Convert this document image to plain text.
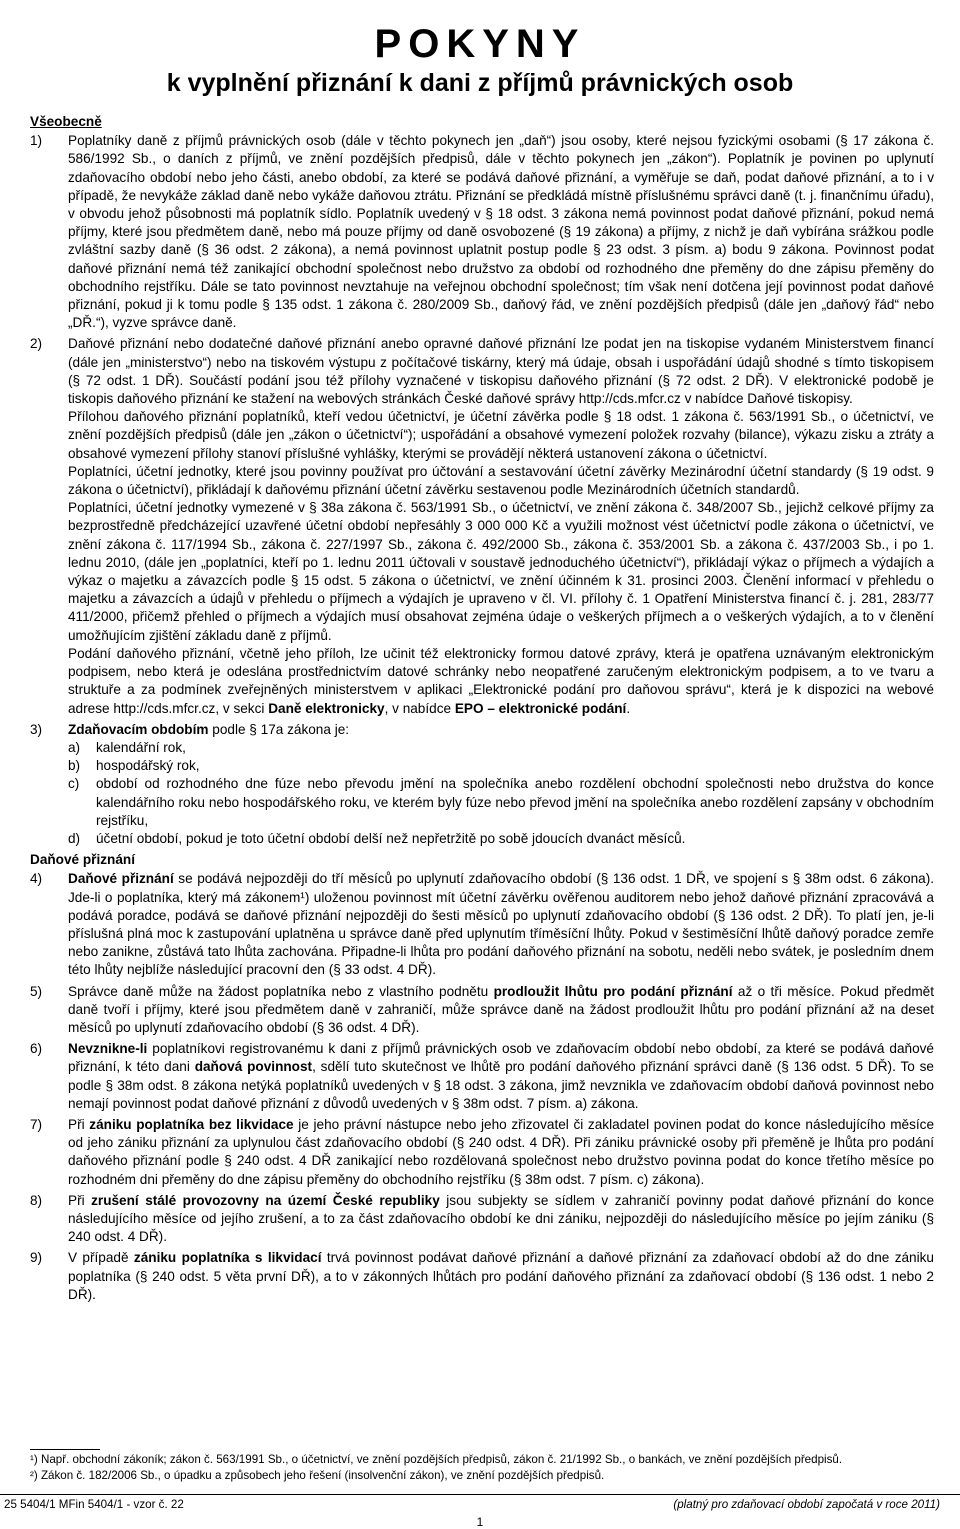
POKYNY
k vyplnění přiznání k dani z příjmů právnických osob
Všeobecně
1)	Poplatníky daně z příjmů právnických osob (dále v těchto pokynech jen „daň“) jsou osoby, které nejsou fyzickými osobami (§ 17 zákona č. 586/1992 Sb., o daních z příjmů, ve znění pozdějších předpisů, dále v těchto pokynech jen „zákon“). Poplatník je povinen po uplynutí zdaňovacího období nebo jeho části, anebo období, za které se podává daňové přiznání, a vyměřuje se daň, podat daňové přiznání, a to i v případě, že nevykáže základ daně nebo vykáže daňovou ztrátu. Přiznání se předkládá místně příslušnému správci daně (t. j. finančnímu úřadu), v obvodu jehož působnosti má poplatník sídlo. Poplatník uvedený v § 18 odst. 3 zákona nemá povinnost podat daňové přiznání, pokud nemá příjmy, které jsou předmětem daně, nebo má pouze příjmy od daně osvobozené (§ 19 zákona) a příjmy, z nichž je daň vybírána srážkou podle zvláštní sazby daně (§ 36 odst. 2 zákona), a nemá povinnost uplatnit postup podle § 23 odst. 3 písm. a) bodu 9 zákona. Povinnost podat daňové přiznání nemá též zanikající obchodní společnost nebo družstvo za období od rozhodného dne přeměny do dne zápisu přeměny do obchodního rejstříku. Dále se tato povinnost nevztahuje na veřejnou obchodní společnost; tím však není dotčena její povinnost podat daňové přiznání, pokud ji k tomu podle § 135 odst. 1 zákona č. 280/2009 Sb., daňový řád, ve znění pozdějších předpisů (dále jen „daňový řád“ nebo „DŘ.“), vyzve správce daně.

2)	Daňové přiznání nebo dodatečné daňové přiznání anebo opravné daňové přiznání lze podat jen na tiskopise vydaném Ministerstvem financí (dále jen „ministerstvo“) nebo na tiskovém výstupu z počítačové tiskárny, který má údaje, obsah i uspořádání údajů shodné s tímto tiskopisem (§ 72 odst. 1 DŘ). Součástí podání jsou též přílohy vyznačené v tiskopisu daňového přiznání (§ 72 odst. 2 DŘ). V elektronické podobě je tiskopis daňového přiznání ke stažení na webových stránkách České daňové správy http://cds.mfcr.cz v nabídce Daňové tiskopisy.

Přílohou daňového přiznání poplatníků, kteří vedou účetnictví, je účetní závěrka podle § 18 odst. 1 zákona č. 563/1991 Sb., o účetnictví, ve znění pozdějších předpisů (dále jen „zákon o účetnictví“); uspořádání a obsahové vymezení položek rozvahy (bilance), výkazu zisku a ztráty a obsahové vymezení přílohy stanoví příslušné vyhlášky, kterými se provádějí některá ustanovení zákona o účetnictví.

Poplatníci, účetní jednotky, které jsou povinny používat pro účtování a sestavování účetní závěrky Mezinárodní účetní standardy (§ 19 odst. 9 zákona o účetnictví), přikládají k daňovému přiznání účetní závěrku sestavenou podle Mezinárodních účetních standardů.

Poplatníci, účetní jednotky vymezené v § 38a zákona č. 563/1991 Sb., o účetnictví, ve znění zákona č. 348/2007 Sb., jejichž celkové příjmy za bezprostředně předcházející uzavřené účetní období nepřesáhly 3 000 000 Kč a využili možnost vést účetnictví podle zákona o účetnictví, ve znění zákona č. 117/1994 Sb., zákona č. 227/1997 Sb., zákona č. 492/2000 Sb., zákona č. 353/2001 Sb. a zákona č. 437/2003 Sb., i po 1. lednu 2010, (dále jen „poplatníci, kteří po 1. lednu 2011 účtovali v soustavě jednoduchého účetnictví“), přikládají výkaz o příjmech a výdajích a výkaz o majetku a závazcích podle § 15 odst. 5 zákona o účetnictví, ve znění účinném k 31. prosinci 2003. Členění informací v přehledu o majetku a závazcích a údajů v přehledu o příjmech a výdajích je upraveno v čl. VI. přílohy č. 1 Opatření Ministerstva financí č. j. 281, 283/77 411/2000, přičemž přehled o příjmech a výdajích musí obsahovat zejména údaje o veškerých příjmech a o veškerých výdajích, a to v členění umožňujícím zjištění základu daně z příjmů.

Podání daňového přiznání, včetně jeho příloh, lze učinit též elektronicky formou datové zprávy, která je opatřena uznávaným elektronickým podpisem, nebo která je odeslána prostřednictvím datové schránky nebo neopatřené zaručeným elektronickým podpisem, a to ve tvaru a struktuře a za podmínek zveřejněných ministerstvem v aplikaci „Elektronické podání pro daňovou správu“, která je k dispozici na webové adrese http://cds.mfcr.cz, v sekci Daně elektronicky, v nabídce EPO – elektronické podání.

3)	Zdaňovacím obdobím podle § 17a zákona je:

a)	kalendářní rok,
b)	hospodářský rok,
c)	období od rozhodného dne fúze nebo převodu jmění na společníka anebo rozdělení obchodní společnosti nebo družstva do konce kalendářního roku nebo hospodářského roku, ve kterém byly fúze nebo převod jmění na společníka anebo rozdělení zapsány v obchodním rejstříku,
d)	účetní období, pokud je toto účetní období delší než nepřetržitě po sobě jdoucích dvanáct měsíců.
Daňové přiznání
4)	Daňové přiznání se podává nejpozději do tří měsíců po uplynutí zdaňovacího období (§ 136 odst. 1 DŘ, ve spojení s § 38m odst. 6 zákona). Jde-li o poplatníka, který má zákonem¹) uloženou povinnost mít účetní závěrku ověřenou auditorem nebo jehož daňové přiznání zpracovává a podává poradce, podává se daňové přiznání nejpozději do šesti měsíců po uplynutí zdaňovacího období (§ 136 odst. 2 DŘ). To platí jen, je-li příslušná plná moc k zastupování uplatněna u správce daně před uplynutím tříměsíční lhůty. Pokud v šestiměsíční lhůtě daňový poradce zemře nebo zanikne, zůstává tato lhůta zachována. Připadne-li lhůta pro podání daňového přiznání na sobotu, neděli nebo svátek, je posledním dnem této lhůty nejblíže následující pracovní den (§ 33 odst. 4 DŘ).

5)	Správce daně může na žádost poplatníka nebo z vlastního podnětu prodloužit lhůtu pro podání přiznání až o tři měsíce. Pokud předmět daně tvoří i příjmy, které jsou předmětem daně v zahraničí, může správce daně na žádost prodloužit lhůtu pro podání přiznání až na deset měsíců po uplynutí zdaňovacího období (§ 36 odst. 4 DŘ).

6)	Nevznikne-li poplatníkovi registrovanému k dani z příjmů právnických osob ve zdaňovacím období nebo období, za které se podává daňové přiznání, k této dani daňová povinnost, sdělí tuto skutečnost ve lhůtě pro podání daňového přiznání správci daně (§ 136 odst. 5 DŘ). To se podle § 38m odst. 8 zákona netýká poplatníků uvedených v § 18 odst. 3 zákona, jimž nevznikla ve zdaňovacím období daňová povinnost nebo nemají povinnost podat daňové přiznání z důvodů uvedených v § 38m odst. 7 písm. a) zákona.

7)	Při zániku poplatníka bez likvidace je jeho právní nástupce nebo jeho zřizovatel či zakladatel povinen podat do konce následujícího měsíce od jeho zániku přiznání za uplynulou část zdaňovacího období (§ 240 odst. 4 DŘ). Při zániku právnické osoby při přeměně je lhůta pro podání daňového přiznání podle § 240 odst. 4 DŘ zanikající nebo rozdělovaná společnost nebo družstvo povinna podat do konce třetího měsíce po rozhodném dni přeměny do dne zápisu přeměny do obchodního rejstříku (§ 38m odst. 7 písm. c) zákona).

8)	Při zrušení stálé provozovny na území České republiky jsou subjekty se sídlem v zahraničí povinny podat daňové přiznání do konce následujícího měsíce od jejího zrušení, a to za část zdaňovacího období ke dni zániku, nejpozději do následujícího měsíce po jejím zániku (§ 240 odst. 4 DŘ).

9)	V případě zániku poplatníka s likvidací trvá povinnost podávat daňové přiznání a daňové přiznání za zdaňovací období až do dne zániku poplatníka (§ 240 odst. 5 věta první DŘ), a to v zákonných lhůtách pro podání daňového přiznání za zdaňovací období (§ 136 odst. 1 nebo 2 DŘ).

¹) Např. obchodní zákoník; zákon č. 563/1991 Sb., o účetnictví, ve znění pozdějších předpisů, zákon č. 21/1992 Sb., o bankách, ve znění pozdějších předpisů.

²) Zákon č. 182/2006 Sb., o úpadku a způsobech jeho řešení (insolvenční zákon), ve znění pozdějších předpisů.

25 5404/1 MFin 5404/1 - vzor č. 22	(platný pro zdaňovací období započatá v roce 2011)
1
